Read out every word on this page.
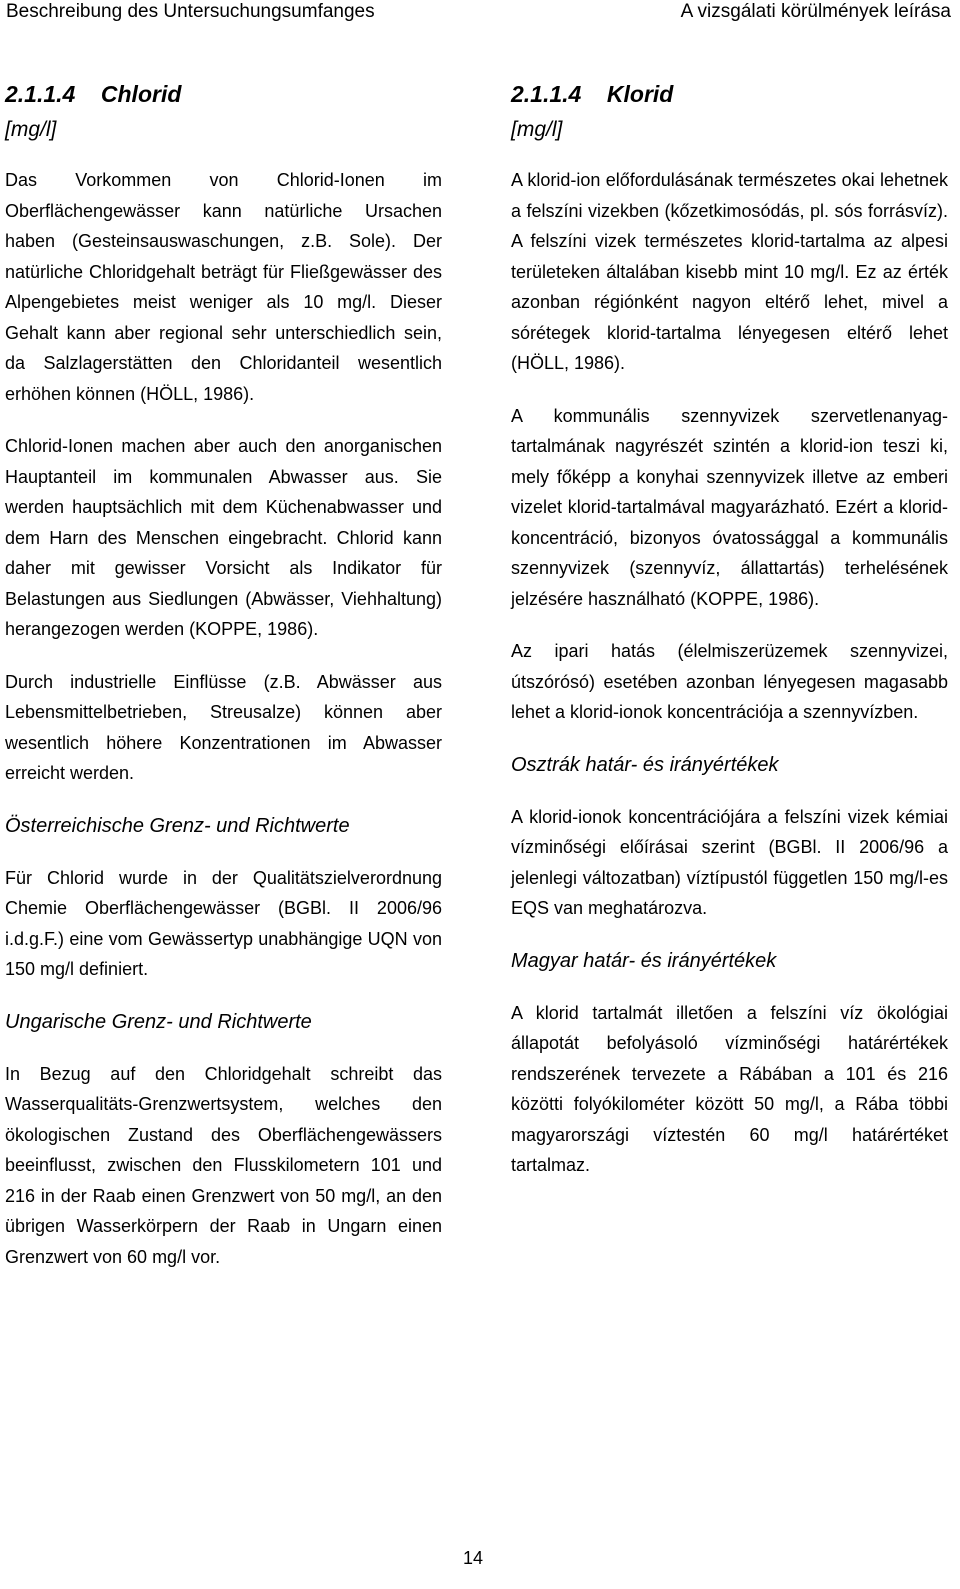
Beschreibung des Untersuchungsumfanges	A vizsgálati körülmények leírása
2.1.1.4    Chlorid
[mg/l]

Das Vorkommen von Chlorid-Ionen im Oberflächengewässer kann natürliche Ursachen haben (Gesteinsauswaschungen, z.B. Sole). Der natürliche Chloridgehalt beträgt für Fließgewässer des Alpengebietes meist weniger als 10 mg/l. Dieser Gehalt kann aber regional sehr unterschiedlich sein, da Salzlagerstätten den Chloridanteil wesentlich erhöhen können (HÖLL, 1986).

Chlorid-Ionen machen aber auch den anorganischen Hauptanteil im kommunalen Abwasser aus. Sie werden hauptsächlich mit dem Küchenabwasser und dem Harn des Menschen eingebracht. Chlorid kann daher mit gewisser Vorsicht als Indikator für Belastungen aus Siedlungen (Abwässer, Viehhaltung) herangezogen werden (KOPPE, 1986).

Durch industrielle Einflüsse (z.B. Abwässer aus Lebensmittelbetrieben, Streusalze) können aber wesentlich höhere Konzentrationen im Abwasser erreicht werden.

Österreichische Grenz- und Richtwerte

Für Chlorid wurde in der Qualitätszielverordnung Chemie Oberflächengewässer (BGBl. II 2006/96 i.d.g.F.) eine vom Gewässertyp unabhängige UQN von 150 mg/l definiert.

Ungarische Grenz- und Richtwerte

In Bezug auf den Chloridgehalt schreibt das Wasserqualitäts-Grenzwertsystem, welches den ökologischen Zustand des Oberflächengewässers beeinflusst, zwischen den Flusskilometern 101 und 216 in der Raab einen Grenzwert von 50 mg/l, an den übrigen Wasserkörpern der Raab in Ungarn einen Grenzwert von 60 mg/l vor.

2.1.1.4    Klorid
[mg/l]

A klorid-ion előfordulásának természetes okai lehetnek a felszíni vizekben (kőzetkimosódás, pl. sós forrásvíz). A felszíni vizek természetes klorid-tartalma az alpesi területeken általában kisebb mint 10 mg/l. Ez az érték azonban régiónként nagyon eltérő lehet, mivel a sórétegek klorid-tartalma lényegesen eltérő lehet (HÖLL, 1986).

A kommunális szennyvizek szervetlenanyagtartalmának nagyrészét szintén a klorid-ion teszi ki, mely főképp a konyhai szennyvizek illetve az emberi vizelet klorid-tartalmával magyarázható. Ezért a klorid-koncentráció, bizonyos óvatossággal a kommunális szennyvizek (szennyvíz, állattartás) terhelésének jelzésére használható (KOPPE, 1986).

Az ipari hatás (élelmiszerüzemek szennyvizei, útszórósó) esetében azonban lényegesen magasabb lehet a klorid-ionok koncentrációja a szennyvízben.

Osztrák határ- és irányértékek

A klorid-ionok koncentrációjára a felszíni vizek kémiai vízminőségi előírásai szerint (BGBl. II 2006/96 a jelenlegi változatban) víztípustól független 150 mg/l-es EQS van meghatározva.

Magyar határ- és irányértékek

A klorid tartalmát illetően a felszíni víz ökológiai állapotát befolyásoló vízminőségi határértékek rendszerének tervezete a Rábában a 101 és 216 közötti folyókilométer között 50 mg/l, a Rába többi magyarországi víztestén 60 mg/l határértéket tartalmaz.

14
